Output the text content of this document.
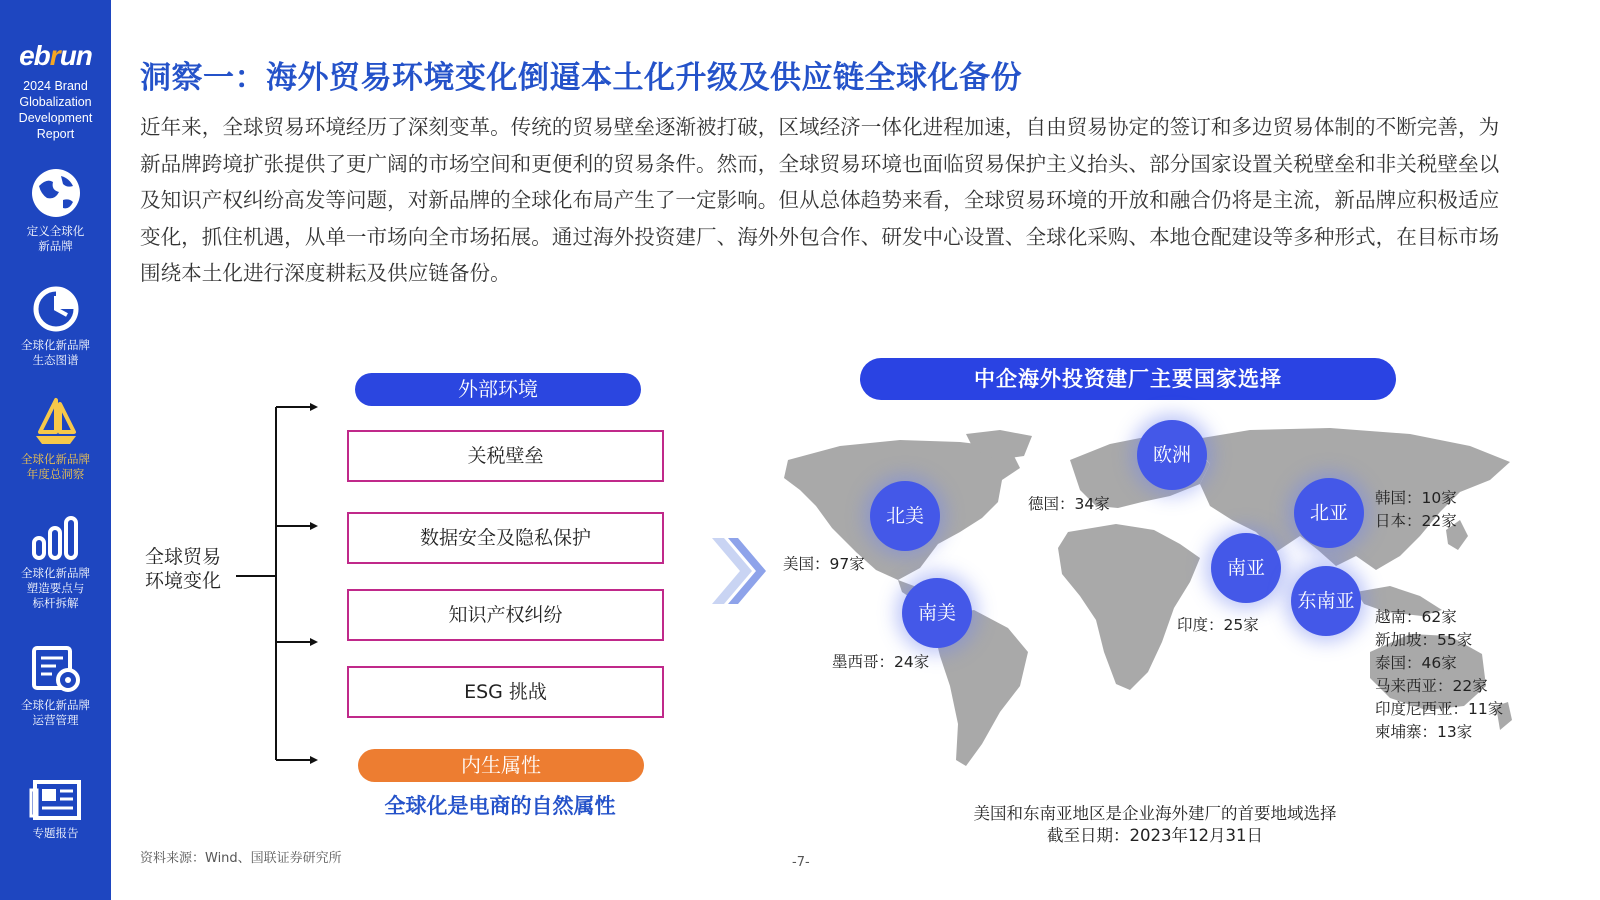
ebrun
2024 Brand
Globalization
Development
Report
定义全球化
新品牌
全球化新品牌
生态图谱
全球化新品牌
年度总洞察
全球化新品牌
塑造要点与
标杆拆解
全球化新品牌
运营管理
专题报告
洞察一：海外贸易环境变化倒逼本土化升级及供应链全球化备份
近年来，全球贸易环境经历了深刻变革。传统的贸易壁垒逐渐被打破，区域经济一体化进程加速，自由贸易协定的签订和多边贸易体制的不断完善，为新品牌跨境扩张提供了更广阔的市场空间和更便利的贸易条件。然而，全球贸易环境也面临贸易保护主义抬头、部分国家设置关税壁垒和非关税壁垒以及知识产权纠纷高发等问题，对新品牌的全球化布局产生了一定影响。但从总体趋势来看，全球贸易环境的开放和融合仍将是主流，新品牌应积极适应变化，抓住机遇，从单一市场向全市场拓展。通过海外投资建厂、海外外包合作、研发中心设置、全球化采购、本地仓配建设等多种形式，在目标市场围绕本土化进行深度耕耘及供应链备份。
外部环境
全球贸易
环境变化
关税壁垒
数据安全及隐私保护
知识产权纠纷
ESG 挑战
内生属性
全球化是电商的自然属性
中企海外投资建厂主要国家选择
北美
南美
欧洲
南亚
北亚
东南亚
美国：97家
墨西哥：24家
德国：34家
印度：25家
韩国：10家
日本：22家
越南：62家
新加坡：55家
泰国：46家
马来西亚：22家
印度尼西亚：11家
柬埔寨：13家
美国和东南亚地区是企业海外建厂的首要地域选择
截至日期：2023年12月31日
资料来源：Wind、国联证券研究所	-7-
